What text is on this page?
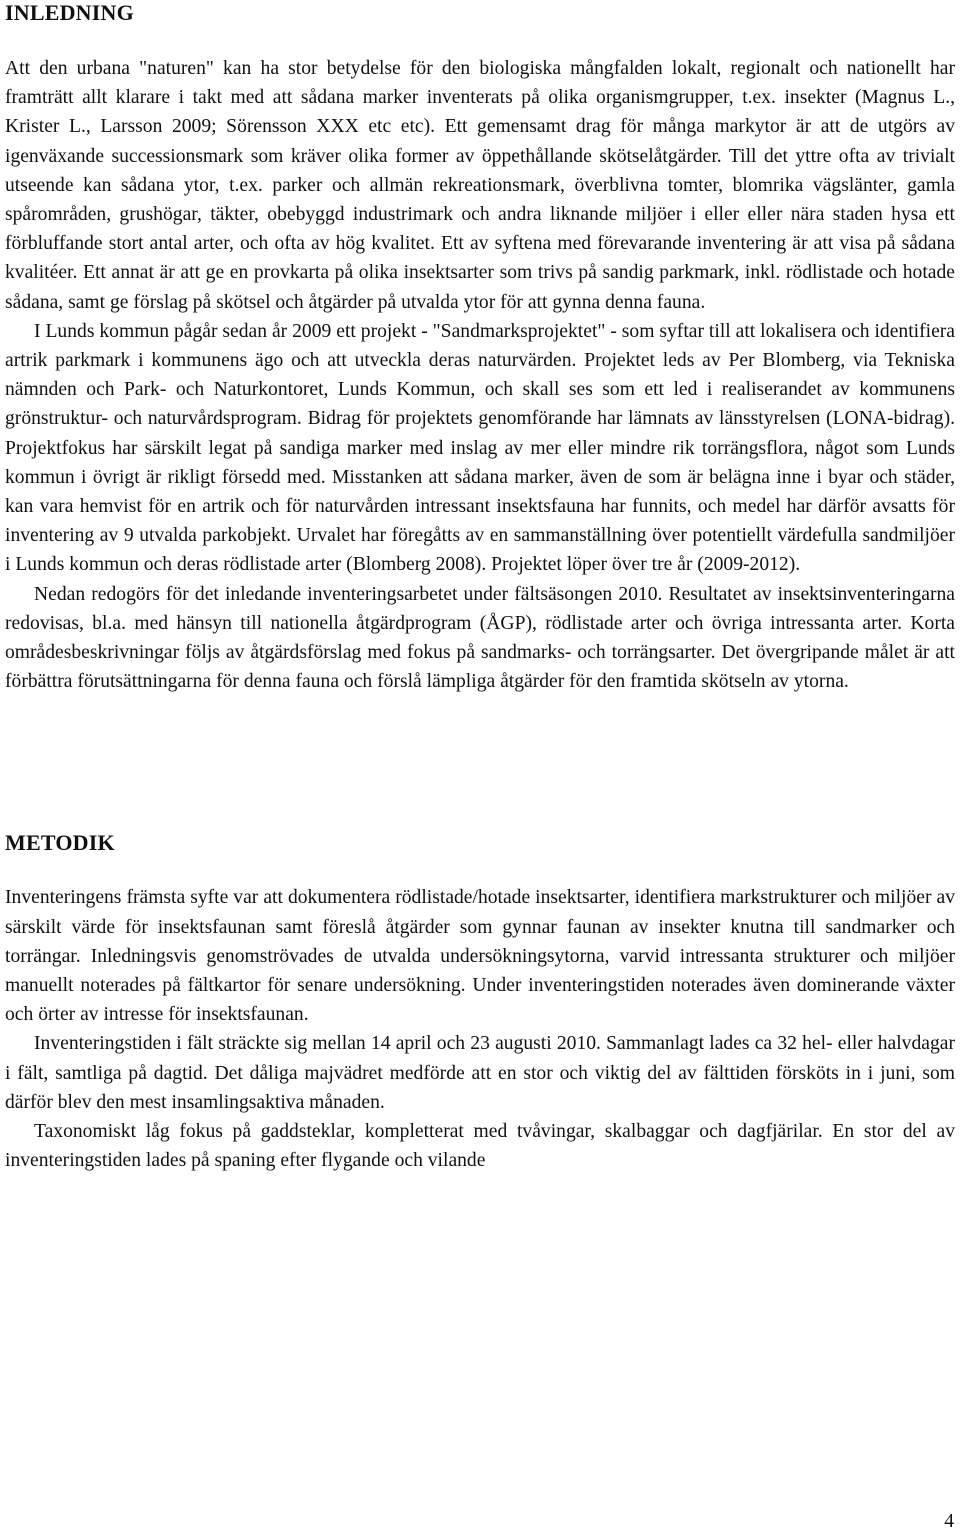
INLEDNING

Att den urbana "naturen" kan ha stor betydelse för den biologiska mångfalden lokalt, regionalt och nationellt har framträtt allt klarare i takt med att sådana marker inventerats på olika organismgrupper, t.ex. insekter (Magnus L., Krister L., Larsson 2009; Sörensson XXX etc etc). Ett gemensamt drag för många markytor är att de utgörs av igenväxande successionsmark som kräver olika former av öppethållande skötselåtgärder. Till det yttre ofta av trivialt utseende kan sådana ytor, t.ex. parker och allmän rekreationsmark, överblivna tomter, blomrika vägslänter, gamla spårområden, grushögar, täkter, obebyggd industrimark och andra liknande miljöer i eller eller nära staden hysa ett förbluffande stort antal arter, och ofta av hög kvalitet. Ett av syftena med förevarande inventering är att visa på sådana kvalitéer. Ett annat är att ge en provkarta på olika insektsarter som trivs på sandig parkmark, inkl. rödlistade och hotade sådana, samt ge förslag på skötsel och åtgärder på utvalda ytor för att gynna denna fauna.

I Lunds kommun pågår sedan år 2009 ett projekt - "Sandmarksprojektet" - som syftar till att lokalisera och identifiera artrik parkmark i kommunens ägo och att utveckla deras naturvärden. Projektet leds av Per Blomberg, via Tekniska nämnden och Park- och Naturkontoret, Lunds Kommun, och skall ses som ett led i realiserandet av kommunens grönstruktur- och naturvårdsprogram. Bidrag för projektets genomförande har lämnats av länsstyrelsen (LONA-bidrag). Projektfokus har särskilt legat på sandiga marker med inslag av mer eller mindre rik torrängsflora, något som Lunds kommun i övrigt är rikligt försedd med. Misstanken att sådana marker, även de som är belägna inne i byar och städer, kan vara hemvist för en artrik och för naturvården intressant insektsfauna har funnits, och medel har därför avsatts för inventering av 9 utvalda parkobjekt. Urvalet har föregåtts av en sammanställning över potentiellt värdefulla sandmiljöer i Lunds kommun och deras rödlistade arter (Blomberg 2008). Projektet löper över tre år (2009-2012).

Nedan redogörs för det inledande inventeringsarbetet under fältsäsongen 2010. Resultatet av insektsinventeringarna redovisas, bl.a. med hänsyn till nationella åtgärdprogram (ÅGP), rödlistade arter och övriga intressanta arter. Korta områdesbeskrivningar följs av åtgärdsförslag med fokus på sandmarks- och torrängsarter. Det övergripande målet är att förbättra förutsättningarna för denna fauna och förslå lämpliga åtgärder för den framtida skötseln av ytorna.

METODIK

Inventeringens främsta syfte var att dokumentera rödlistade/hotade insektsarter, identifiera markstrukturer och miljöer av särskilt värde för insektsfaunan samt föreslå åtgärder som gynnar faunan av insekter knutna till sandmarker och torrängar. Inledningsvis genomströvades de utvalda undersökningsytorna, varvid intressanta strukturer och miljöer manuellt noterades på fältkartor för senare undersökning. Under inventeringstiden noterades även dominerande växter och örter av intresse för insektsfaunan.

Inventeringstiden i fält sträckte sig mellan 14 april och 23 augusti 2010. Sammanlagt lades ca 32 hel- eller halvdagar i fält, samtliga på dagtid. Det dåliga majvädret medförde att en stor och viktig del av fälttiden försköts in i juni, som därför blev den mest insamlingsaktiva månaden.

Taxonomiskt låg fokus på gaddsteklar, kompletterat med tvåvingar, skalbaggar och dagfjärilar. En stor del av inventeringstiden lades på spaning efter flygande och vilande

4
